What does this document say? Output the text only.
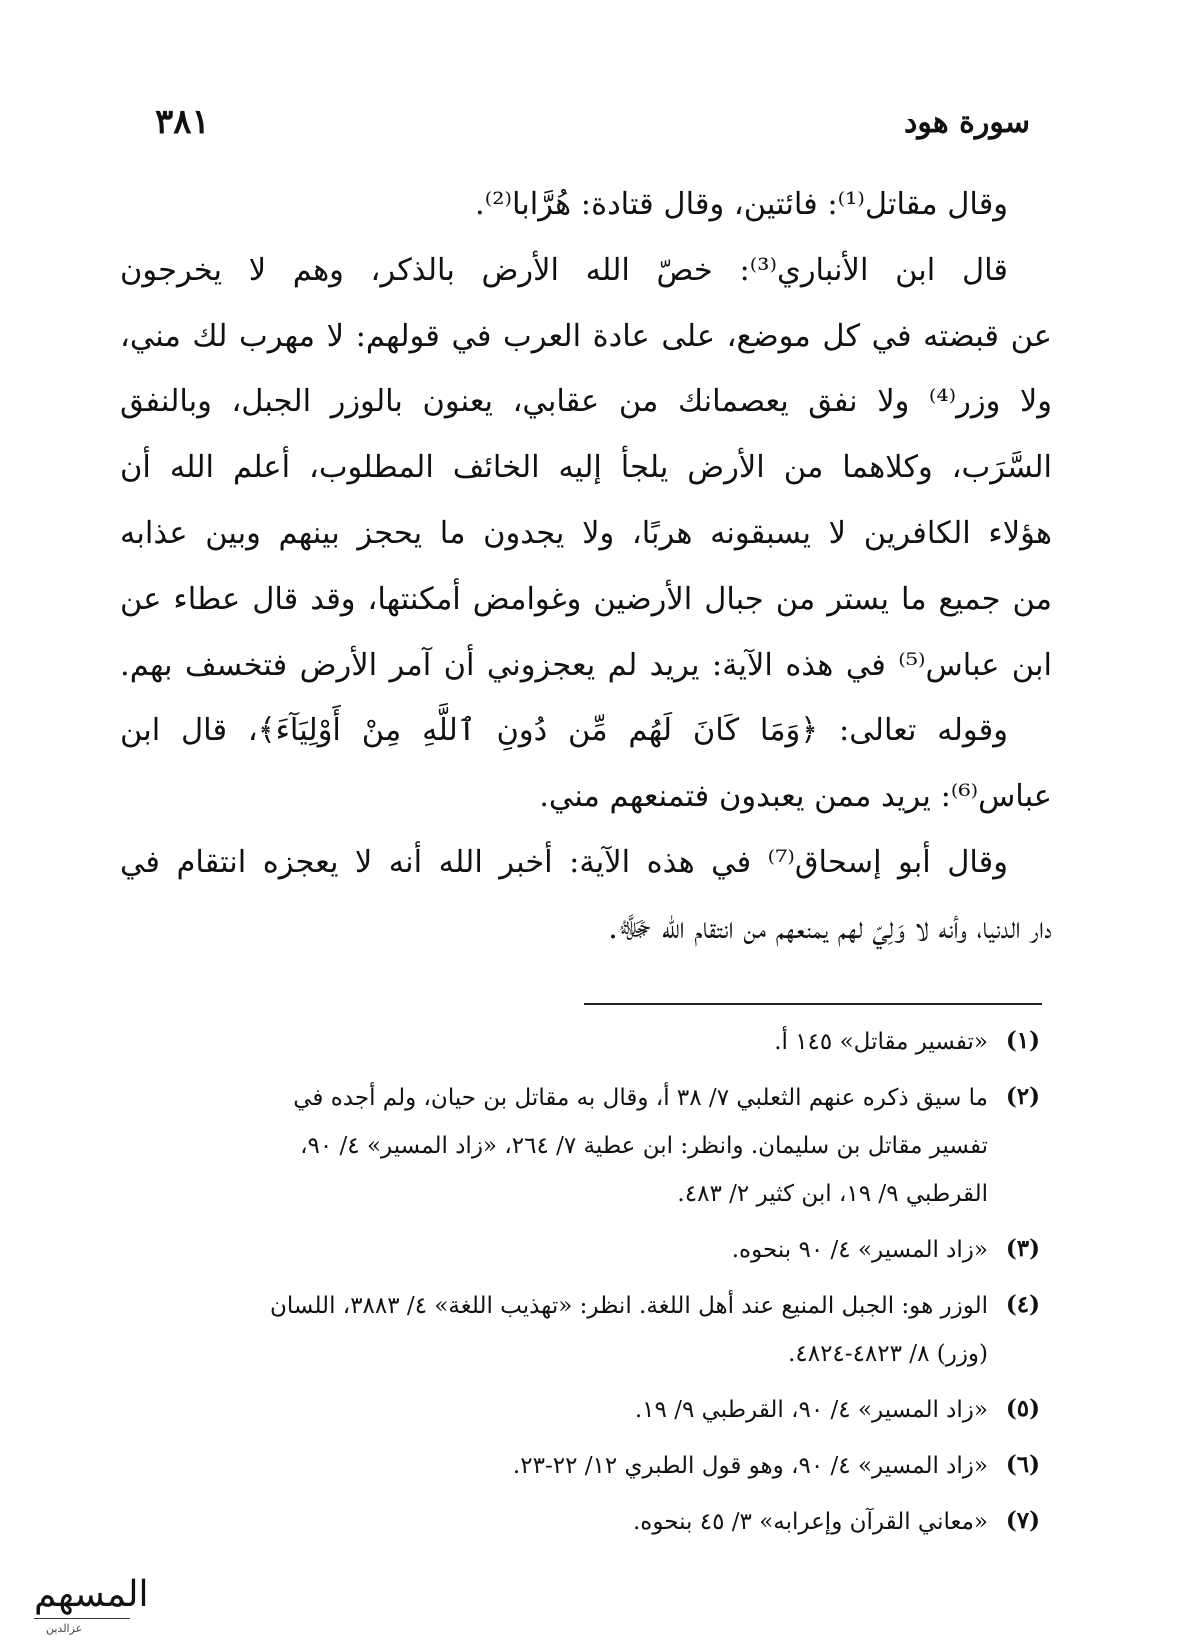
سورة هود
٣٨١
وقال مقاتل⁽¹⁾: فائتين، وقال قتادة: هُرَّابا⁽²⁾.
قال ابن الأنباري⁽³⁾: خصّ الله الأرض بالذكر، وهم لا يخرجون
عن قبضته في كل موضع، على عادة العرب في قولهم: لا مهرب لك مني،
ولا وزر⁽⁴⁾ ولا نفق يعصمانك من عقابي، يعنون بالوزر الجبل، وبالنفق
السَّرَب، وكلاهما من الأرض يلجأ إليه الخائف المطلوب، أعلم الله أن
هؤلاء الكافرين لا يسبقونه هربًا، ولا يجدون ما يحجز بينهم وبين عذابه
من جميع ما يستر من جبال الأرضين وغوامض أمكنتها، وقد قال عطاء عن
ابن عباس⁽⁵⁾ في هذه الآية: يريد لم يعجزوني أن آمر الأرض فتخسف بهم.
وقوله تعالى: ﴿وَمَا كَانَ لَهُم مِّن دُونِ ٱللَّهِ مِنْ أَوْلِيَآءَ﴾، قال ابن
عباس⁽⁶⁾: يريد ممن يعبدون فتمنعهم مني.
وقال أبو إسحاق⁽⁷⁾ في هذه الآية: أخبر الله أنه لا يعجزه انتقام في
دار الدنيا، وأنه لا وَلِيّ لهم يمنعهم من انتقام الله ﷻ.
(١)
«تفسير مقاتل» ١٤٥ أ.
(٢)
ما سيق ذكره عنهم الثعلبي ٧/ ٣٨ أ، وقال به مقاتل بن حيان، ولم أجده في
تفسير مقاتل بن سليمان. وانظر: ابن عطية ٧/ ٢٦٤، «زاد المسير» ٤/ ٩٠،
القرطبي ٩/ ١٩، ابن كثير ٢/ ٤٨٣.
(٣)
«زاد المسير» ٤/ ٩٠ بنحوه.
(٤)
الوزر هو: الجبل المنيع عند أهل اللغة. انظر: «تهذيب اللغة» ٤/ ٣٨٨٣، اللسان
(وزر) ٨/ ٤٨٢٣-٤٨٢٤.
(٥)
«زاد المسير» ٤/ ٩٠، القرطبي ٩/ ١٩.
(٦)
«زاد المسير» ٤/ ٩٠، وهو قول الطبري ١٢/ ٢٢-٢٣.
(٧)
«معاني القرآن وإعرابه» ٣/ ٤٥ بنحوه.
المسهم
عزالدين
